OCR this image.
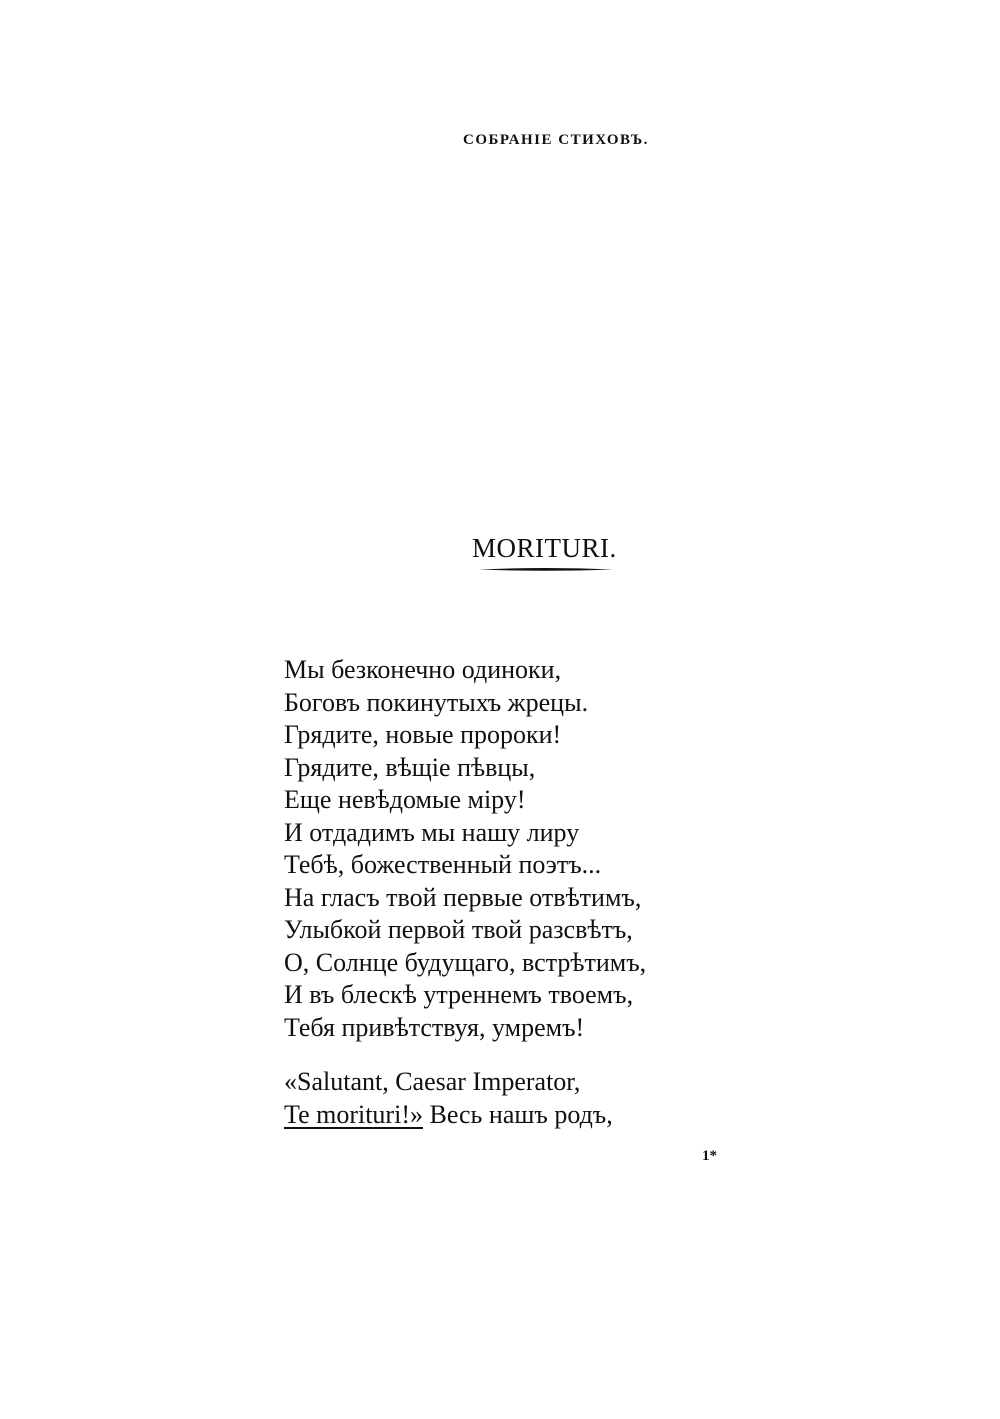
СОБРАНІЕ СТИХОВЪ.
MORITURI.
Мы безконечно одиноки,
Боговъ покинутыхъ жрецы.
Грядите, новые пророки!
Грядите, вѣщіе пѣвцы,
Еще невѣдомые міру!
И отдадимъ мы нашу лиру
Тебѣ, божественный поэтъ...
На гласъ твой первые отвѣтимъ,
Улыбкой первой твой разсвѣтъ,
О, Солнце будущаго, встрѣтимъ,
И въ блескѣ утреннемъ твоемъ,
Тебя привѣтствуя, умремъ!
«Salutant, Caesar Imperator,
Te morituri!» Весь нашъ родъ,
1*
